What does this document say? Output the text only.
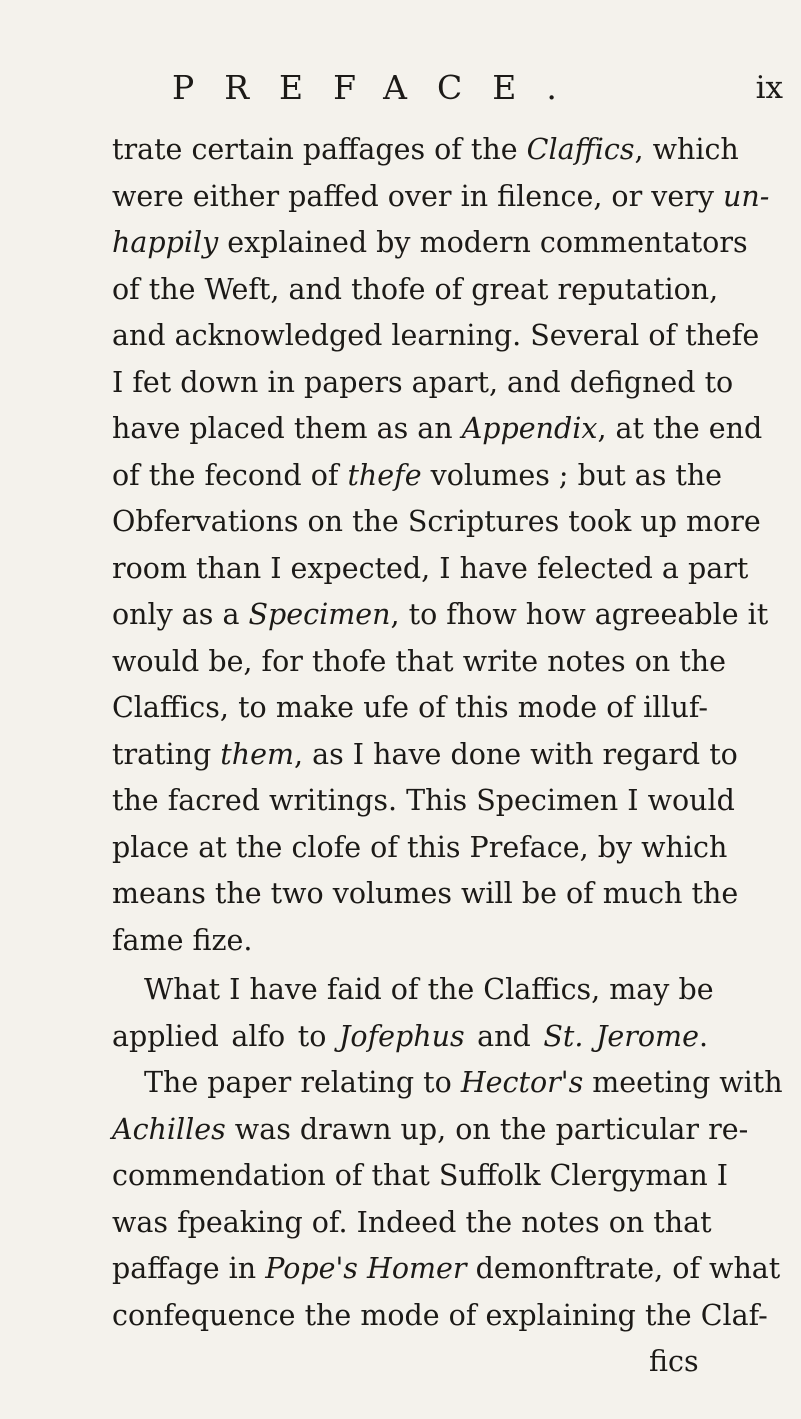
PREFACE.	ix
trate certain paffages of the Claffics, which
were either paffed over in filence, or very un-
happily explained by modern commentators
of the Weft, and thofe of great reputation,
and acknowledged learning. Several of thefe
I fet down in papers apart, and defigned to
have placed them as an Appendix, at the end
of the fecond of thefe volumes ; but as the
Obfervations on the Scriptures took up more
room than I expected, I have felected a part
only as a Specimen, to fhow how agreeable it
would be, for thofe that write notes on the
Claffics, to make ufe of this mode of illuf-
trating them, as I have done with regard to
the facred writings. This Specimen I would
place at the clofe of this Preface, by which
means the two volumes will be of much the
fame fize.
What I have faid of the Claffics, may be
applied alfo to Jofephus and St. Jerome.
The paper relating to Hector's meeting with
Achilles was drawn up, on the particular re-
commendation of that Suffolk Clergyman I
was fpeaking of. Indeed the notes on that
paffage in Pope's Homer demonftrate, of what
confequence the mode of explaining the Claf-
fics
